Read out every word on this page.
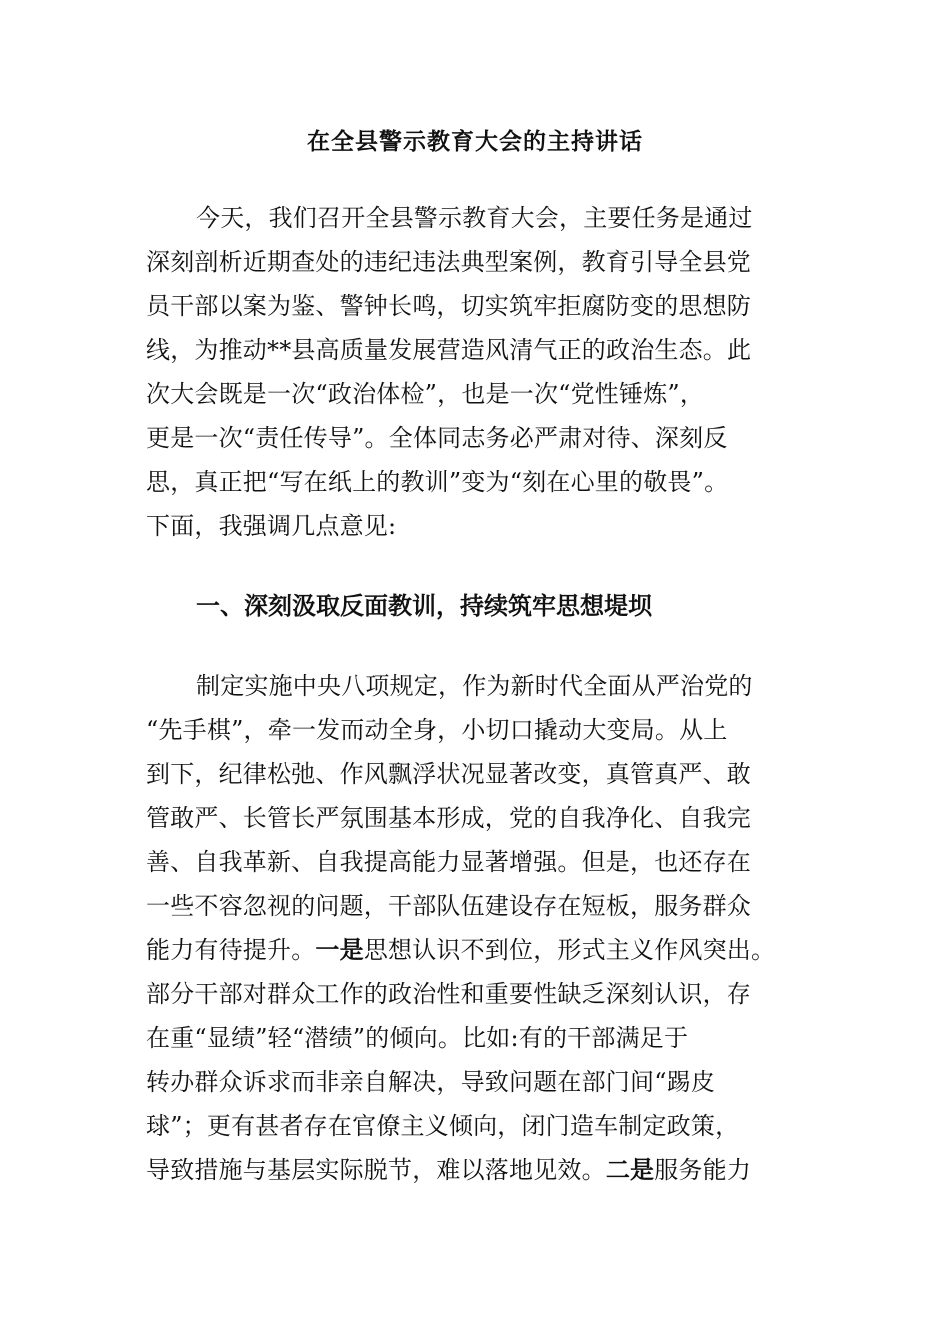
在全县警示教育大会的主持讲话
今天，我们召开全县警示教育大会，主要任务是通过
深刻剖析近期查处的违纪违法典型案例，教育引导全县党
员干部以案为鉴、警钟长鸣，切实筑牢拒腐防变的思想防
线，为推动**县高质量发展营造风清气正的政治生态。此
次大会既是一次“政治体检”，也是一次“党性锤炼”，
更是一次“责任传导”。全体同志务必严肃对待、深刻反
思，真正把“写在纸上的教训”变为“刻在心里的敬畏”。
下面，我强调几点意见:
一、深刻汲取反面教训，持续筑牢思想堤坝
制定实施中央八项规定，作为新时代全面从严治党的
“先手棋”，牵一发而动全身，小切口撬动大变局。从上
到下，纪律松弛、作风飘浮状况显著改变，真管真严、敢
管敢严、长管长严氛围基本形成，党的自我净化、自我完
善、自我革新、自我提高能力显著增强。但是，也还存在
一些不容忽视的问题，干部队伍建设存在短板，服务群众
能力有待提升。一是思想认识不到位，形式主义作风突出。
部分干部对群众工作的政治性和重要性缺乏深刻认识，存
在重“显绩”轻“潜绩”的倾向。比如:有的干部满足于
转办群众诉求而非亲自解决，导致问题在部门间“踢皮
球”；更有甚者存在官僚主义倾向，闭门造车制定政策，
导致措施与基层实际脱节，难以落地见效。二是服务能力
